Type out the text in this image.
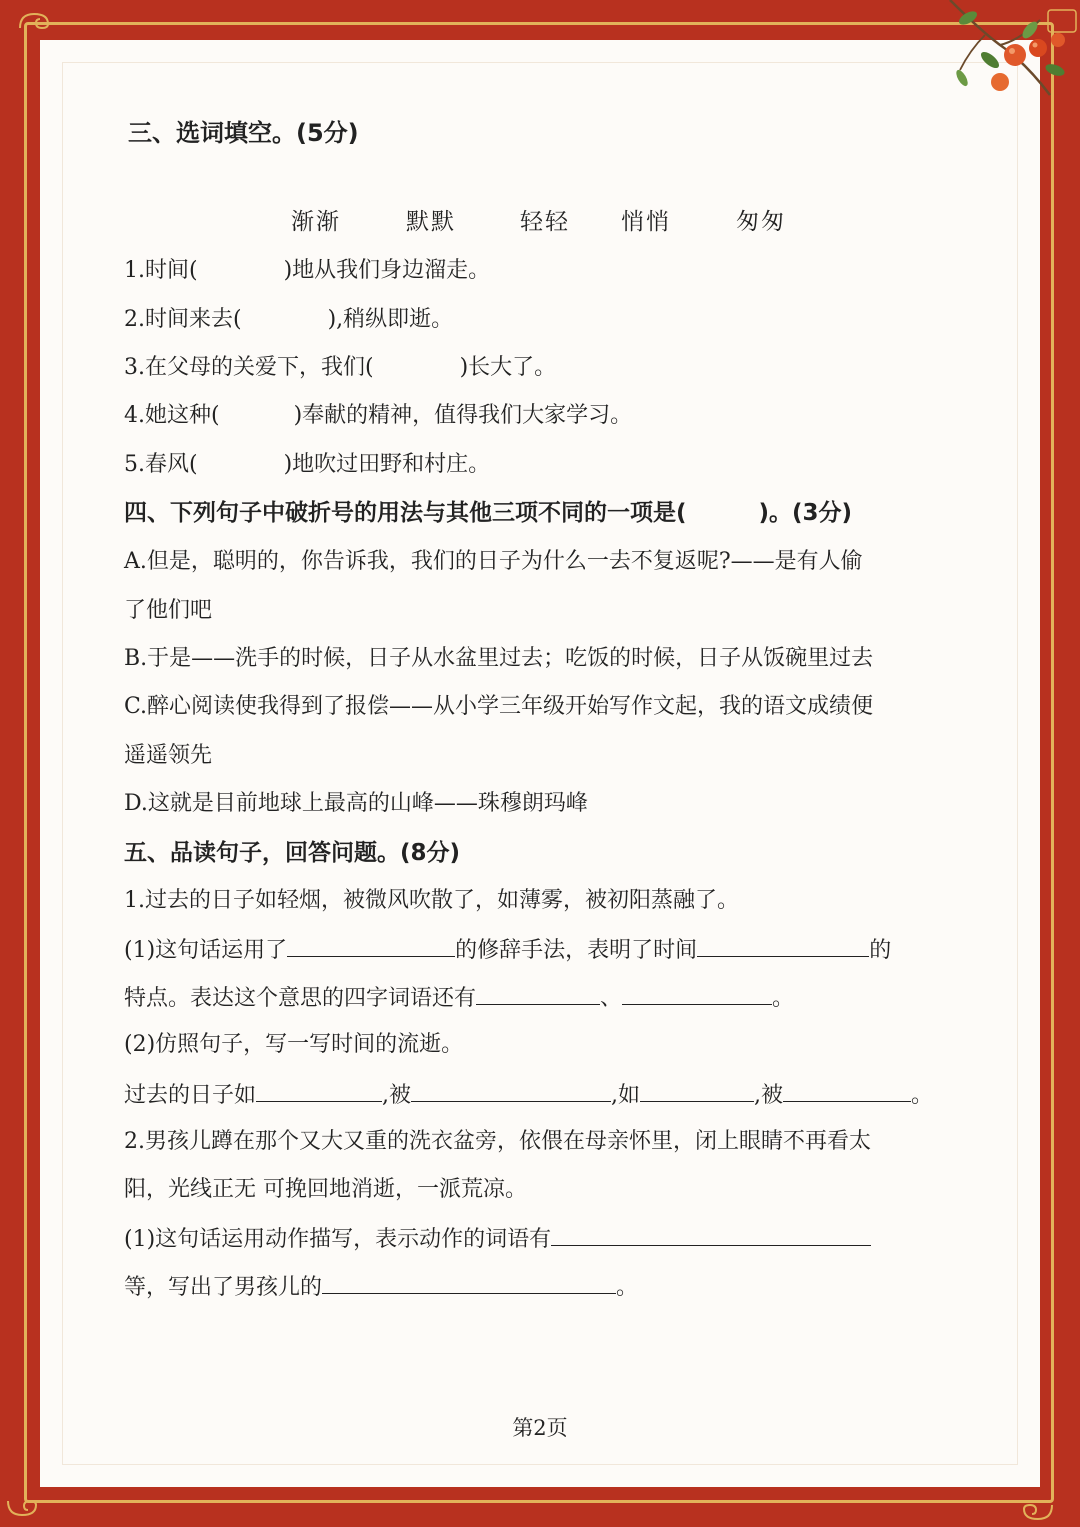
三、选词填空。(5分)

渐渐	默默	轻轻 悄悄	匆匆

1.时间(	)地从我们身边溜走。

2.时间来去(	),稍纵即逝。

3.在父母的关爱下，我们(	)长大了。

4.她这种(	)奉献的精神，值得我们大家学习。

5.春风(	)地吹过田野和村庄。

四、下列句子中破折号的用法与其他三项不同的一项是(	)。(3分)

A.但是，聪明的，你告诉我，我们的日子为什么一去不复返呢?——是有人偷

了他们吧

B.于是——洗手的时候，日子从水盆里过去；吃饭的时候，日子从饭碗里过去

C.醉心阅读使我得到了报偿——从小学三年级开始写作文起，我的语文成绩便

遥遥领先

D.这就是目前地球上最高的山峰——珠穆朗玛峰

五、品读句子，回答问题。(8分)

1.过去的日子如轻烟，被微风吹散了，如薄雾，被初阳蒸融了。

(1)这句话运用了	的修辞手法，表明了时间	的

特点。表达这个意思的四字词语还有	、	。

(2)仿照句子，写一写时间的流逝。

过去的日子如	,被	,如	,被	。

2.男孩儿蹲在那个又大又重的洗衣盆旁，依偎在母亲怀里，闭上眼睛不再看太

阳，光线正无 可挽回地消逝，一派荒凉。

(1)这句话运用动作描写，表示动作的词语有

等，写出了男孩儿的	。

第2页
